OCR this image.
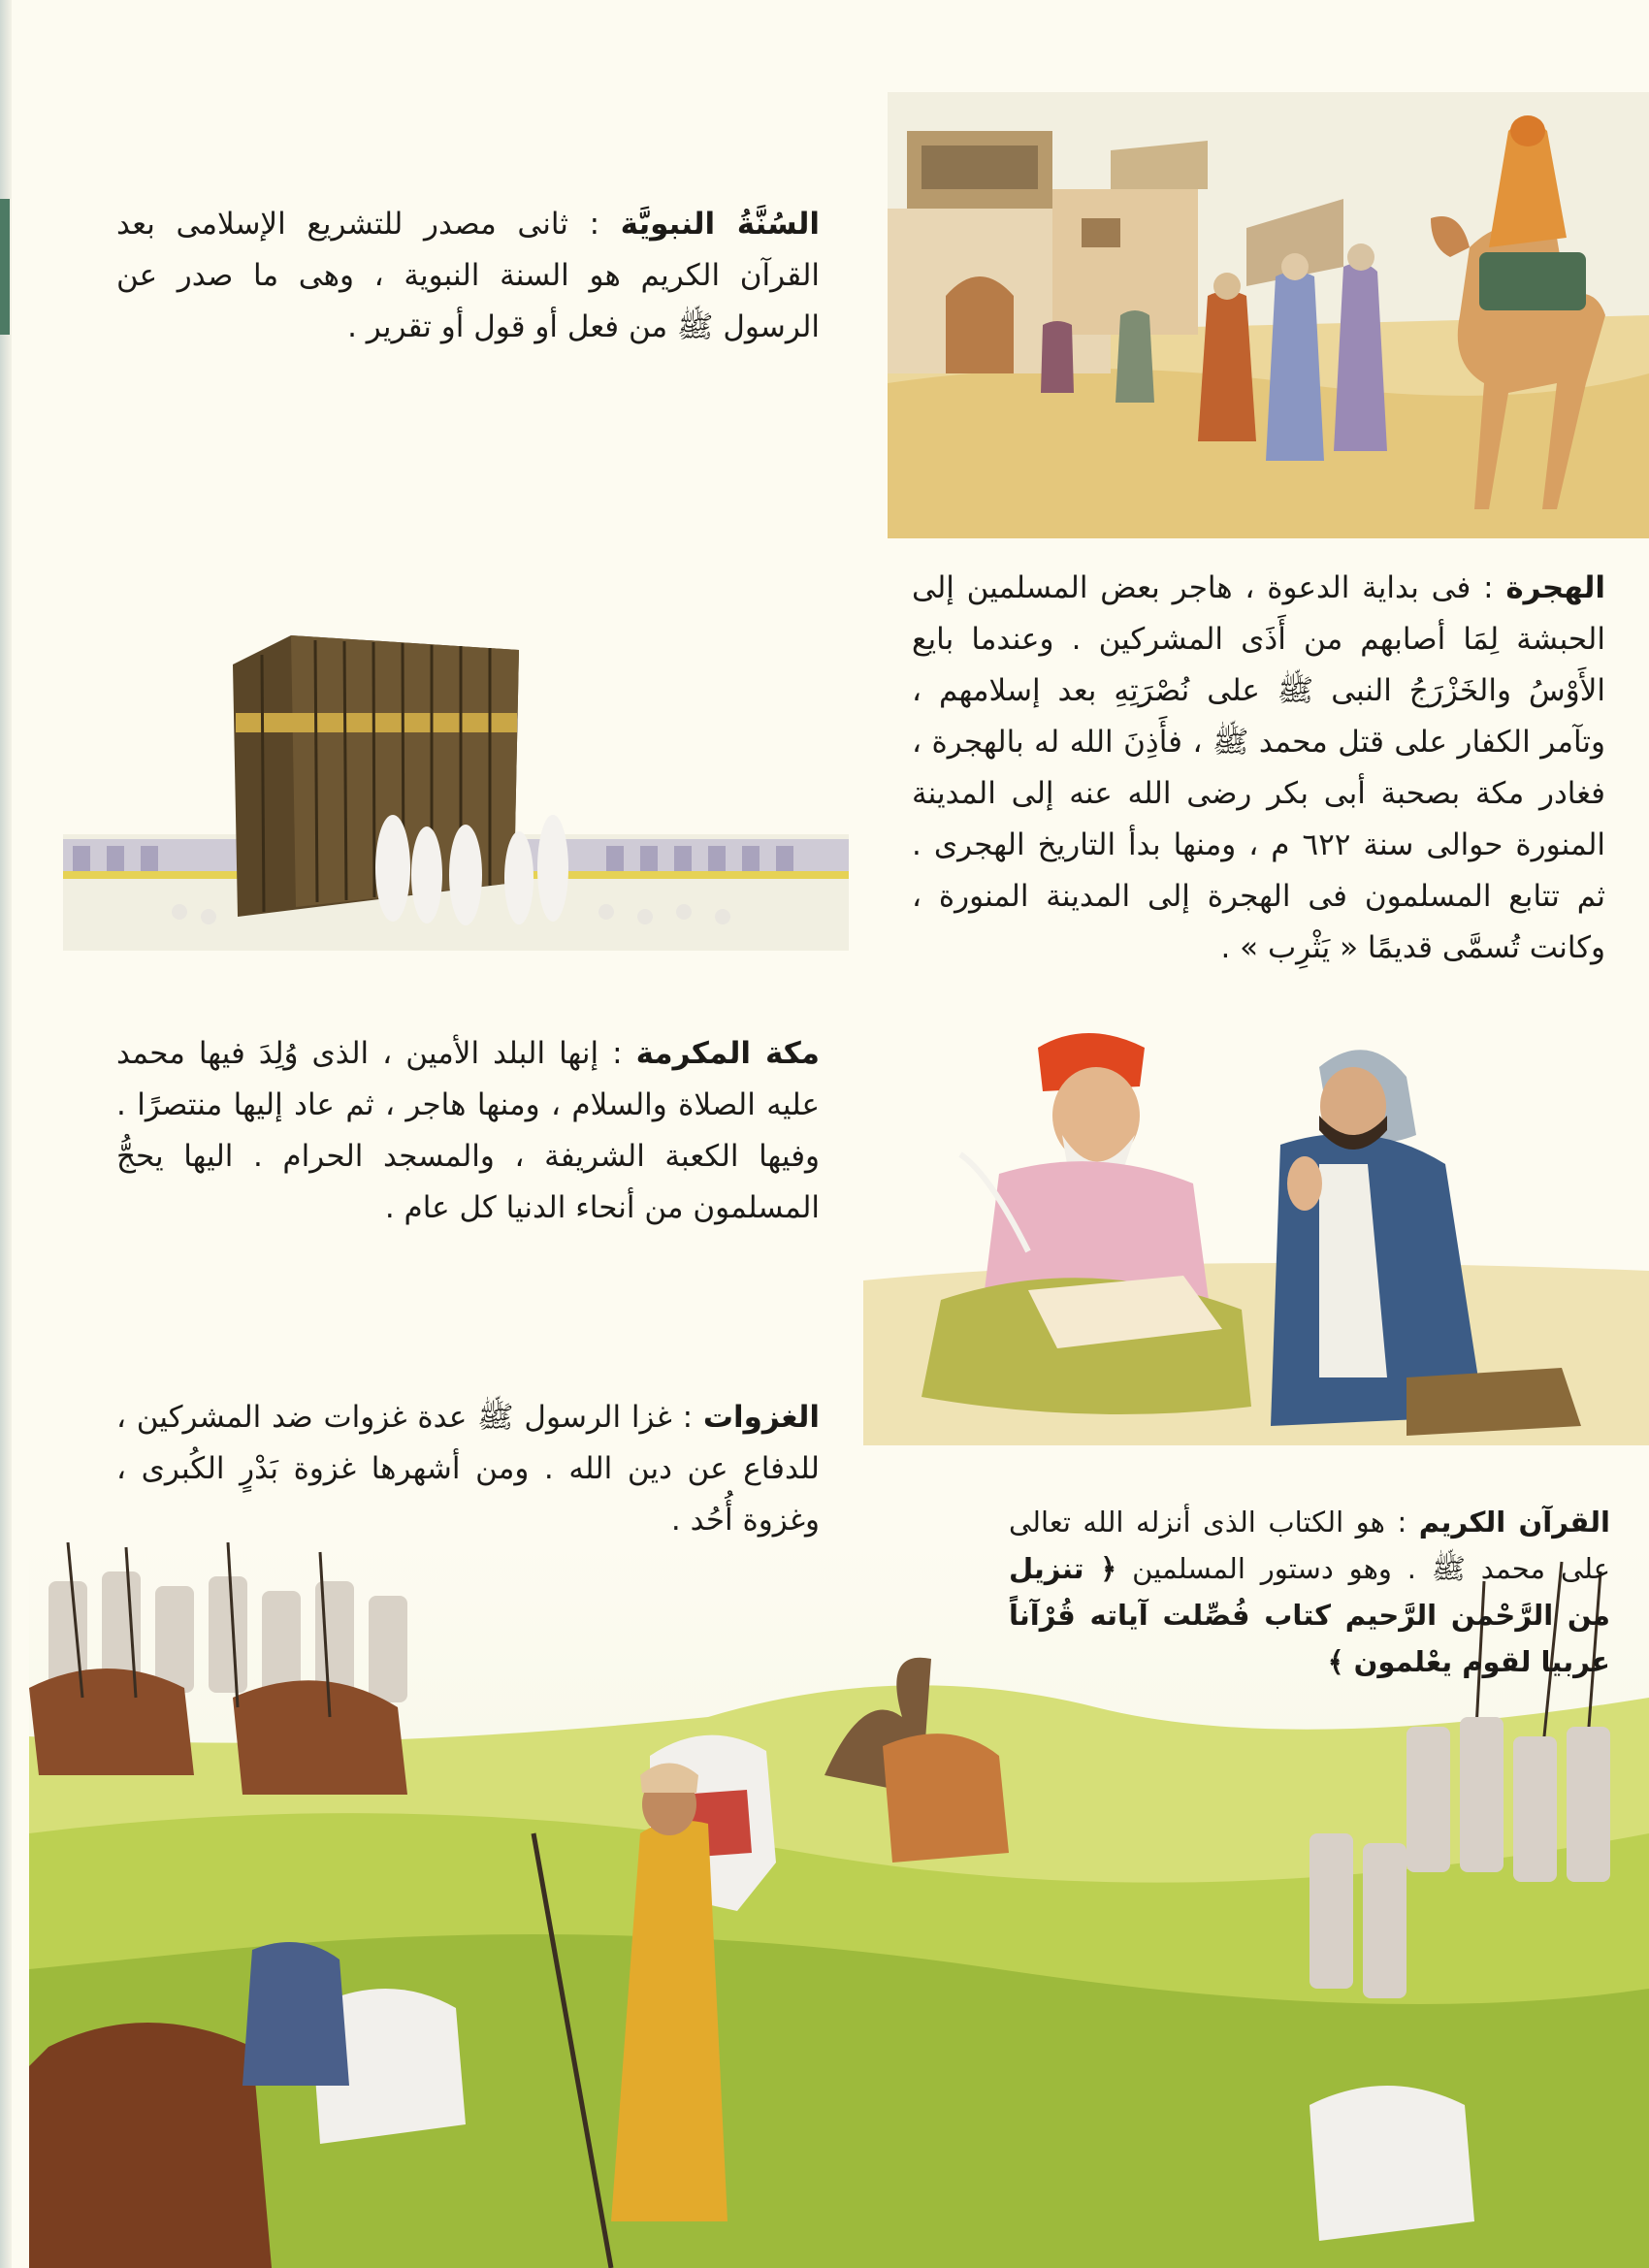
السُنَّةُ النبويَّة : ثانى مصدر للتشريع الإسلامى بعد القرآن الكريم هو السنة النبوية ، وهى ما صدر عن الرسول ﷺ من فعل أو قول أو تقرير .
الهجرة : فى بداية الدعوة ، هاجر بعض المسلمين إلى الحبشة لِمَا أصابهم من أَذَى المشركين . وعندما بايع الأَوْسُ والخَزْرَجُ النبى ﷺ على نُصْرَتِهِ بعد إسلامهم ، وتآمر الكفار على قتل محمد ﷺ ، فأَذِنَ الله له بالهجرة ، فغادر مكة بصحبة أبى بكر رضى الله عنه إلى المدينة المنورة حوالى سنة ٦٢٢ م ، ومنها بدأ التاريخ الهجرى . ثم تتابع المسلمون فى الهجرة إلى المدينة المنورة ، وكانت تُسمَّى قديمًا « يَثْرِب » .
مكة المكرمة : إنها البلد الأمين ، الذى وُلِدَ فيها محمد عليه الصلاة والسلام ، ومنها هاجر ، ثم عاد إليها منتصرًا . وفيها الكعبة الشريفة ، والمسجد الحرام . اليها يحجُّ المسلمون من أنحاء الدنيا كل عام .
الغزوات : غزا الرسول ﷺ عدة غزوات ضد المشركين ، للدفاع عن دين الله . ومن أشهرها غزوة بَدْرٍ الكُبرى ، وغزوة أُحُد .	القرآن الكريم : هو الكتاب الذى أنزله الله تعالى على محمد ﷺ . وهو دستور المسلمين ﴿ تنزيل من الرَّحْمن الرَّحيم كتاب فُصِّلت آياته قُرْآناً عربيا لقوم يعْلمون ﴾
